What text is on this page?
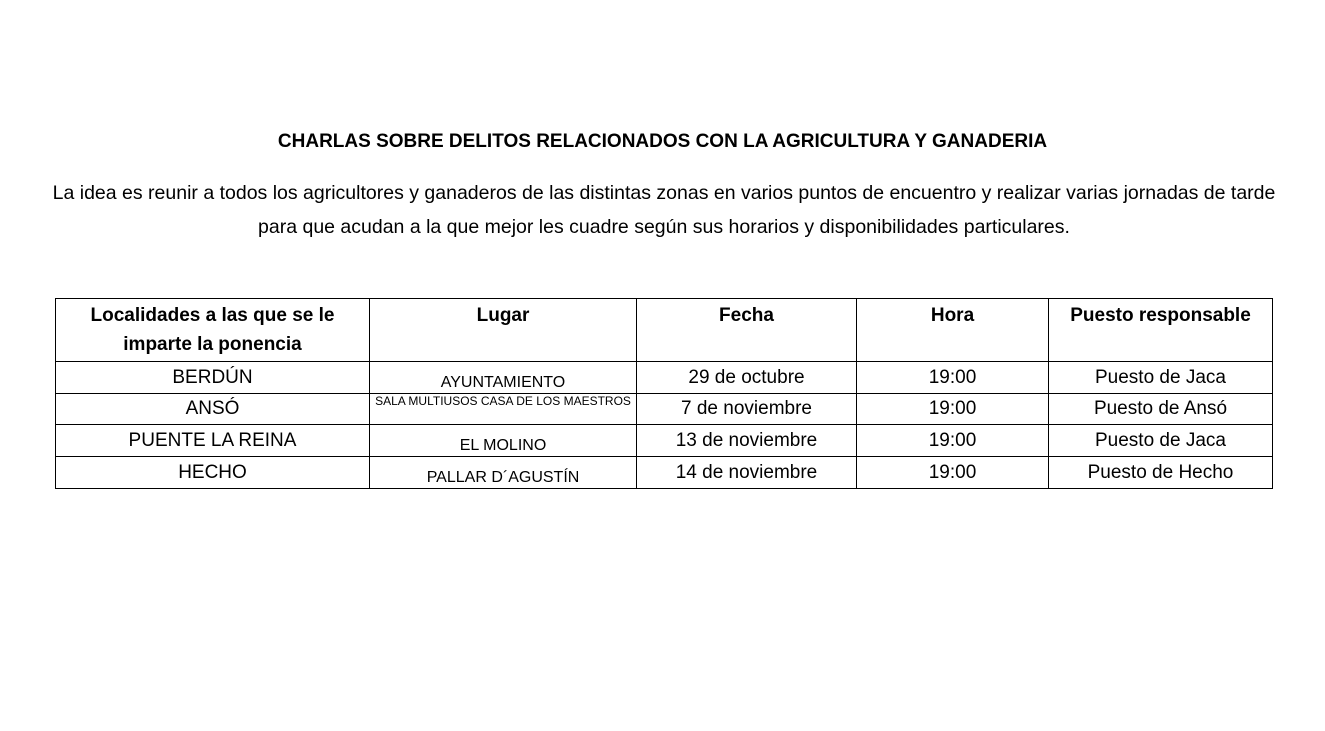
CHARLAS SOBRE DELITOS RELACIONADOS CON LA AGRICULTURA Y GANADERIA
La idea es reunir a todos los agricultores y ganaderos de las distintas zonas en varios puntos de encuentro y realizar varias jornadas de tarde para que acudan a la que mejor les cuadre según sus horarios y disponibilidades particulares.
Localidades a las que se le imparte la ponencia	Lugar	Fecha	Hora	Puesto responsable
BERDÚN	AYUNTAMIENTO	29 de octubre	19:00	Puesto de Jaca
ANSÓ	SALA MULTIUSOS CASA DE LOS MAESTROS	7 de noviembre	19:00	Puesto de Ansó
PUENTE LA REINA	EL MOLINO	13 de noviembre	19:00	Puesto de Jaca
HECHO	PALLAR D´AGUSTÍN	14 de noviembre	19:00	Puesto de Hecho
